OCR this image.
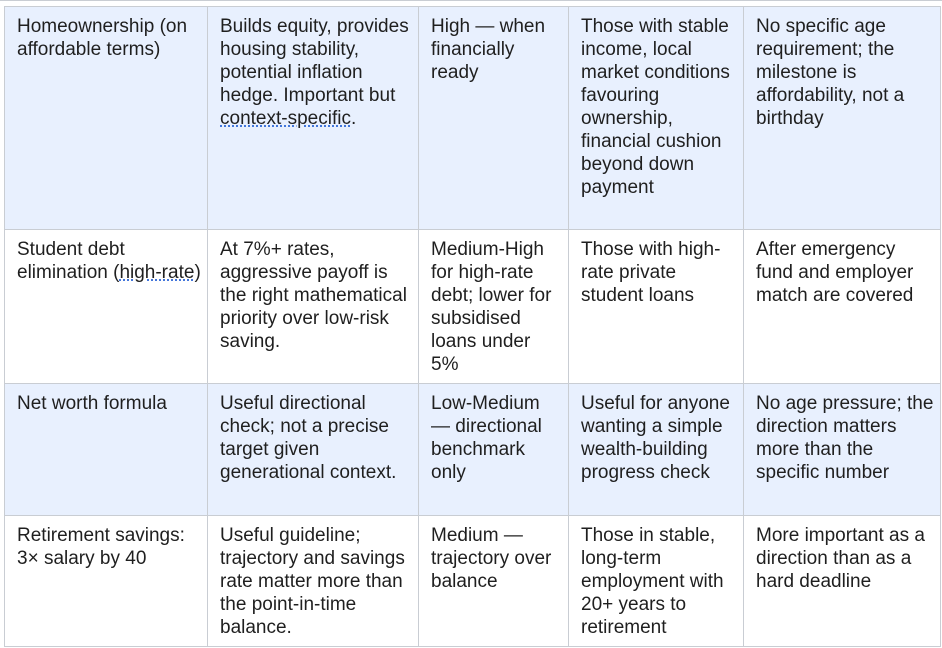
Homeownership (on affordable terms)	Builds equity, provides housing stability, potential inflation hedge. Important but context-specific.	High — when financially ready	Those with stable income, local market conditions favouring ownership, financial cushion beyond down payment	No specific age requirement; the milestone is affordability, not a birthday
Student debt elimination (high-rate)	At 7%+ rates, aggressive payoff is the right mathematical priority over low-risk saving.	Medium-High for high-rate debt; lower for subsidised loans under 5%	Those with high-rate private student loans	After emergency fund and employer match are covered
Net worth formula	Useful directional check; not a precise target given generational context.	Low-Medium — directional benchmark only	Useful for anyone wanting a simple wealth-building progress check	No age pressure; the direction matters more than the specific number
Retirement savings: 3× salary by 40	Useful guideline; trajectory and savings rate matter more than the point-in-time balance.	Medium — trajectory over balance	Those in stable, long-term employment with 20+ years to retirement	More important as a direction than as a hard deadline
